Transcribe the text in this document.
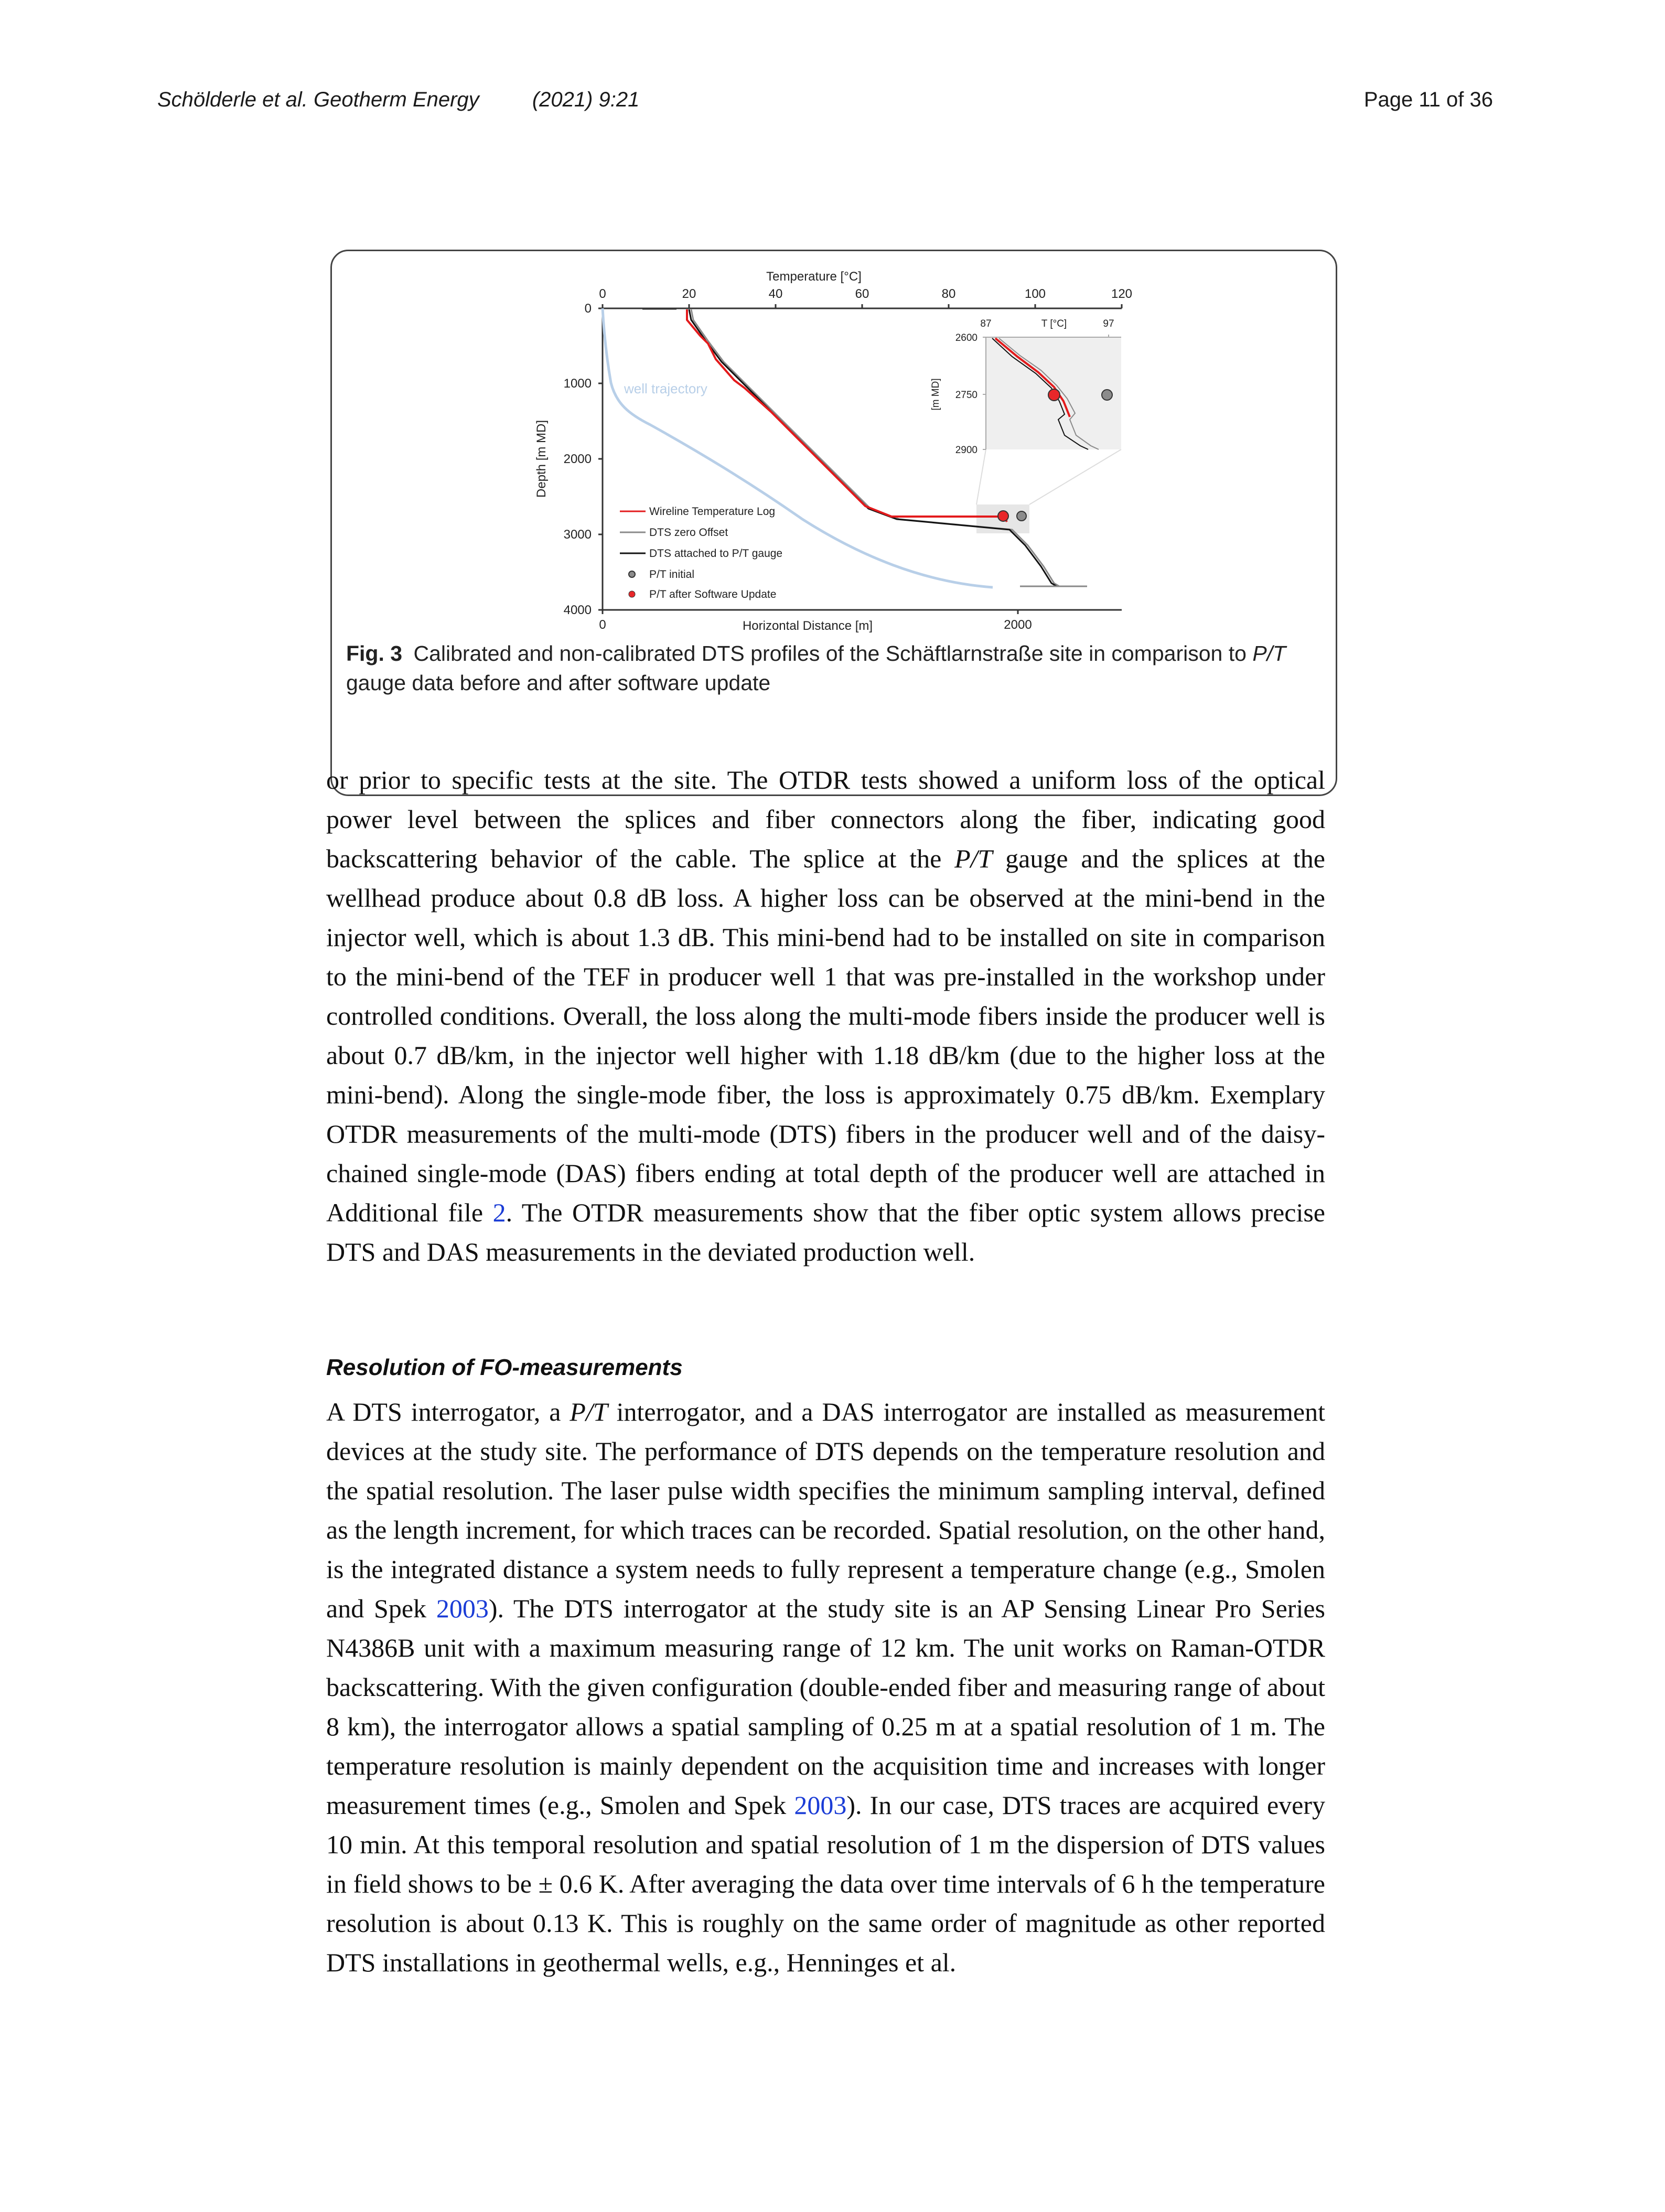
Schölderle et al. Geotherm Energy	(2021) 9:21	Page 11 of 36
Temperature [°C]
0	20	40	60	80	100	120
0
1000
2000
3000
4000
Depth [m MD]
0	2000
Horizontal Distance [m]
well trajectory
87	97
T [°C]
2600
2750
2900
[m MD]
Wireline Temperature Log
DTS zero Offset
DTS attached to P/T gauge
P/T initial
P/T after Software Update
Fig. 3 Calibrated and non-calibrated DTS profiles of the Schäftlarnstraße site in comparison to P/T gauge data before and after software update
or prior to specific tests at the site. The OTDR tests showed a uniform loss of the optical power level between the splices and fiber connectors along the fiber, indicating good backscattering behavior of the cable. The splice at the P/T gauge and the splices at the wellhead produce about 0.8 dB loss. A higher loss can be observed at the mini-bend in the injector well, which is about 1.3 dB. This mini-bend had to be installed on site in comparison to the mini-bend of the TEF in producer well 1 that was pre-installed in the workshop under controlled conditions. Overall, the loss along the multi-mode fibers inside the producer well is about 0.7 dB/km, in the injector well higher with 1.18 dB/km (due to the higher loss at the mini-bend). Along the single-mode fiber, the loss is approximately 0.75 dB/km. Exemplary OTDR measurements of the multi-mode (DTS) fibers in the producer well and of the daisy-chained single-mode (DAS) fibers ending at total depth of the producer well are attached in Additional file 2. The OTDR measurements show that the fiber optic system allows precise DTS and DAS measurements in the deviated production well.
Resolution of FO-measurements
A DTS interrogator, a P/T interrogator, and a DAS interrogator are installed as measurement devices at the study site. The performance of DTS depends on the temperature resolution and the spatial resolution. The laser pulse width specifies the minimum sampling interval, defined as the length increment, for which traces can be recorded. Spatial resolution, on the other hand, is the integrated distance a system needs to fully represent a temperature change (e.g., Smolen and Spek 2003). The DTS interrogator at the study site is an AP Sensing Linear Pro Series N4386B unit with a maximum measuring range of 12 km. The unit works on Raman-OTDR backscattering. With the given configuration (double-ended fiber and measuring range of about 8 km), the interrogator allows a spatial sampling of 0.25 m at a spatial resolution of 1 m. The temperature resolution is mainly dependent on the acquisition time and increases with longer measurement times (e.g., Smolen and Spek 2003). In our case, DTS traces are acquired every 10 min. At this temporal resolution and spatial resolution of 1 m the dispersion of DTS values in field shows to be ± 0.6 K. After averaging the data over time intervals of 6 h the temperature resolution is about 0.13 K. This is roughly on the same order of magnitude as other reported DTS installations in geothermal wells, e.g., Henninges et al.
